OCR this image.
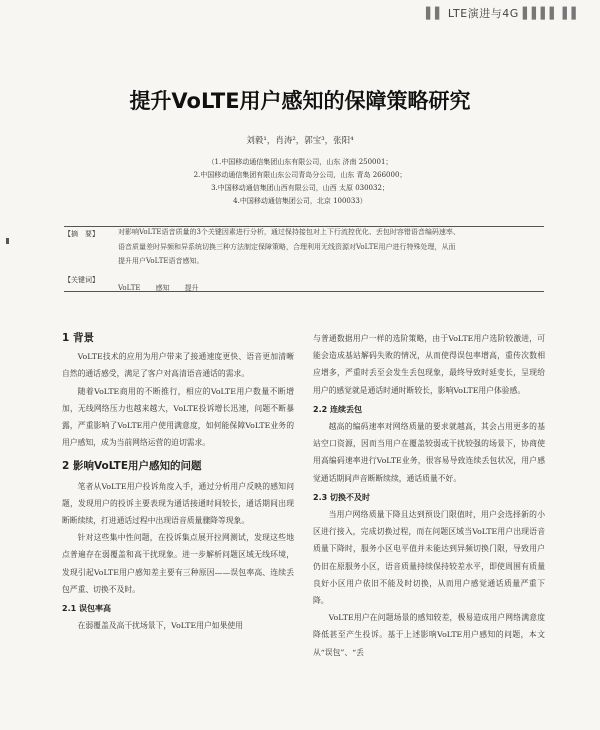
▌▌ LTE演进与4G ▌▌▌▌ ▌▌
提升VoLTE用户感知的保障策略研究
刘毅¹，肖涛²，郭宝³，张阳⁴
（1.中国移动通信集团山东有限公司，山东 济南 250001；
2.中国移动通信集团有限山东公司青岛分公司，山东 青岛 266000；
3.中国移动通信集团山西有限公司，山西 太原 030032；
4.中国移动通信集团公司，北京 100033）
【摘　要】	对影响VoLTE语音质量的3个关键因素进行分析，通过保持接包对上下行流控优化、丢包时容错语音编码速率、
语音质量差时异频和异系统切换三种方法制定保障策略，合理利用无线资源对VoLTE用户进行特殊处理，从而
提升用户VoLTE语音感知。
【关键词】
VoLTE 感知 提升
1 背景

VoLTE技术的应用为用户带来了接通速度更快、语音更加清晰自然的通话感受，满足了客户对高清语音通话的需求。

随着VoLTE商用的不断推行，相应的VoLTE用户数量不断增加，无线网络压力也越来越大，VoLTE投诉增长迅速，问题不断暴露，严重影响了VoLTE用户使用满意度，如何能保障VoLTE业务的用户感知，成为当前网络运营的迫切需求。

2 影响VoLTE用户感知的问题

笔者从VoLTE用户投诉角度入手，通过分析用户反映的感知问题，发现用户的投诉主要表现为通话接通时间较长，通话期间出现断断续续，打进通话过程中出现语音质量骤降等现象。

针对这些集中性问题，在投诉集点展开拉网测试，发现这些地点普遍存在弱覆盖和高干扰现象。进一步解析问题区域无线环境，发现引起VoLTE用户感知差主要有三种原因——误包率高、连续丢包严重、切换不及时。

2.1 误包率高

在弱覆盖及高干扰场景下，VoLTE用户如果使用

与普通数据用户一样的选阶策略，由于VoLTE用户选阶较激进，可能会造成基站解码失败的情况，从而使得误包率增高，重传次数相应增多，严重时丢至会发生丢包现象，最终导致时延变长，呈现给用户的感觉就是通话时通时断较长，影响VoLTE用户体验感。

2.2 连续丢包

越高的编码速率对网络质量的要求就越高，其会占用更多的基站空口资源，因而当用户在覆盖较弱或干扰较强的场景下，协商使用高编码速率进行VoLTE业务，很容易导致连续丢包状况，用户感觉通话期间声音断断续续，通话质量不好。

2.3 切换不及时

当用户网络质量下降且达到预设门限值时，用户会选择新的小区进行接入，完成切换过程，而在问题区域当VoLTE用户出现语音质量下降时，服务小区电平值并未能达到异频切换门限，导致用户仍旧在原服务小区，语音质量持续保持较差水平，即使周围有质量良好小区用户依旧不能及时切换，从而用户感觉通话质量严重下降。

VoLTE用户在问题场景的感知较差，极易造成用户网络满意度降低甚至产生投诉。基于上述影响VoLTE用户感知的问题，本文从“误包”、“丢
